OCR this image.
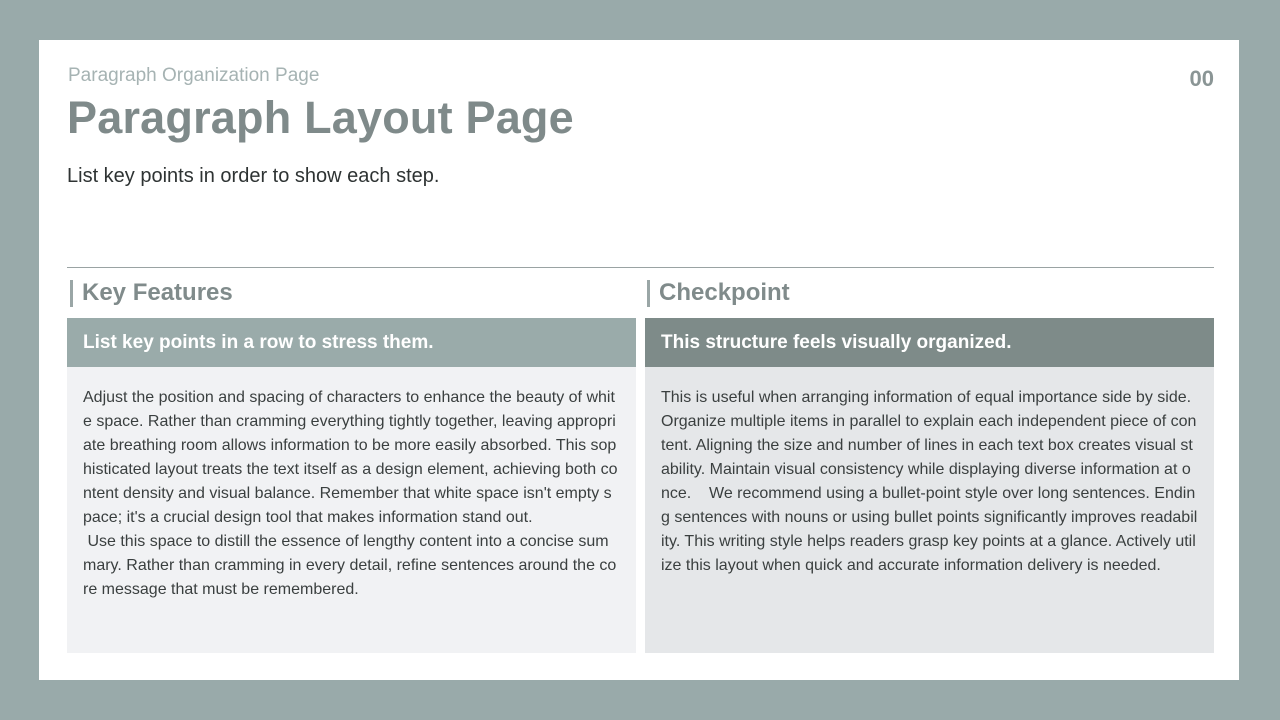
Paragraph Organization Page	00
Paragraph Layout Page
List key points in order to show each step.
Key Features	Checkpoint
List key points in a row to stress them.
Adjust the position and spacing of characters to enhance the beauty of white space. Rather than cramming everything tightly together, leaving appropriate breathing room allows information to be more easily absorbed. This sophisticated layout treats the text itself as a design element, achieving both content density and visual balance. Remember that white space isn't empty space; it's a crucial design tool that makes information stand out.
Use this space to distill the essence of lengthy content into a concise summary. Rather than cramming in every detail, refine sentences around the core message that must be remembered.
This structure feels visually organized.
This is useful when arranging information of equal importance side by side. Organize multiple items in parallel to explain each independent piece of content. Aligning the size and number of lines in each text box creates visual stability. Maintain visual consistency while displaying diverse information at once.    We recommend using a bullet-point style over long sentences. Ending sentences with nouns or using bullet points significantly improves readability. This writing style helps readers grasp key points at a glance. Actively utilize this layout when quick and accurate information delivery is needed.
